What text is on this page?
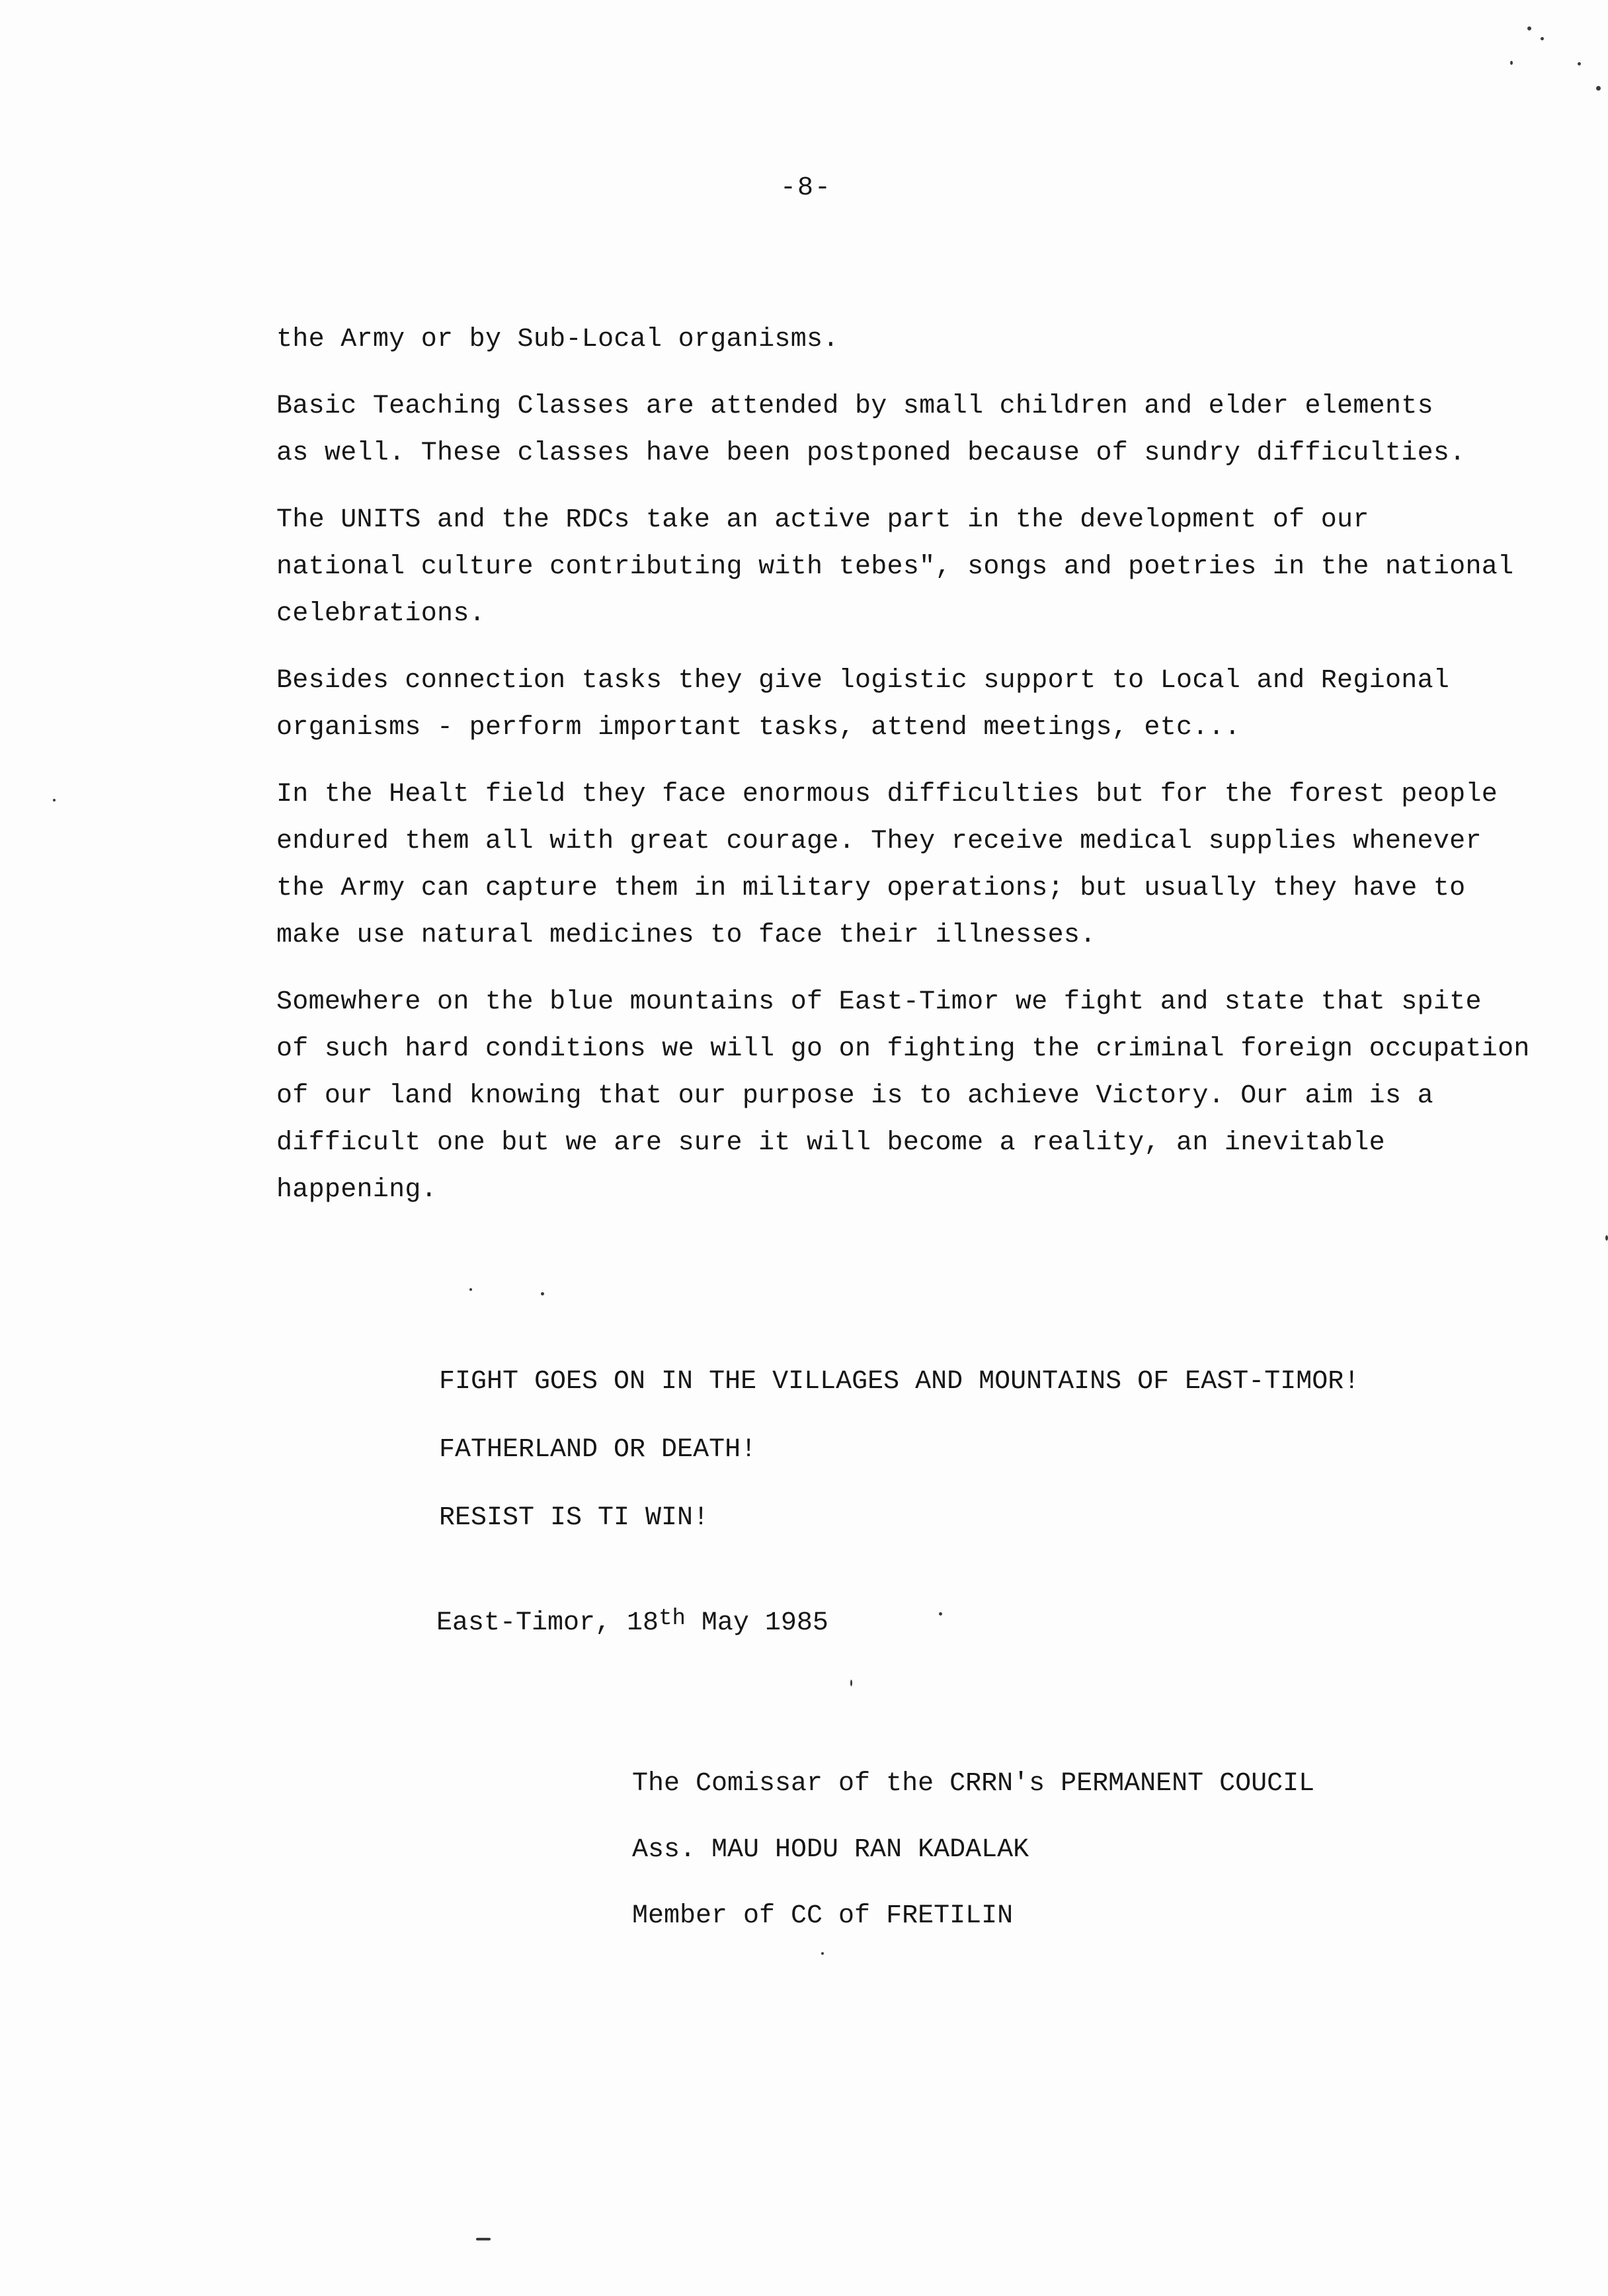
-8-

the Army or by Sub-Local organisms.

Basic Teaching Classes are attended by small children and elder elements
as well. These classes have been postponed because of sundry difficulties.

The UNITS and the RDCs take an active part in the development of our
national culture contributing with tebes", songs and poetries in the national
celebrations.

Besides connection tasks they give logistic support to Local and Regional
organisms - perform important tasks, attend meetings, etc...

In the Healt field they face enormous difficulties but for the forest people
endured them all with great courage. They receive medical supplies whenever
the Army can capture them in military operations; but usually they have to
make use natural medicines to face their illnesses.

Somewhere on the blue mountains of East-Timor we fight and state that spite
of such hard conditions we will go on fighting the criminal foreign occupation
of our land knowing that our purpose is to achieve Victory. Our aim is a
difficult one but we are sure it will become a reality, an inevitable
happening.

FIGHT GOES ON IN THE VILLAGES AND MOUNTAINS OF EAST-TIMOR!
FATHERLAND OR DEATH!
RESIST IS TI WIN!
East-Timor, 18th May 1985
The Comissar of the CRRN's PERMANENT COUCIL
Ass. MAU HODU RAN KADALAK
Member of CC of FRETILIN
